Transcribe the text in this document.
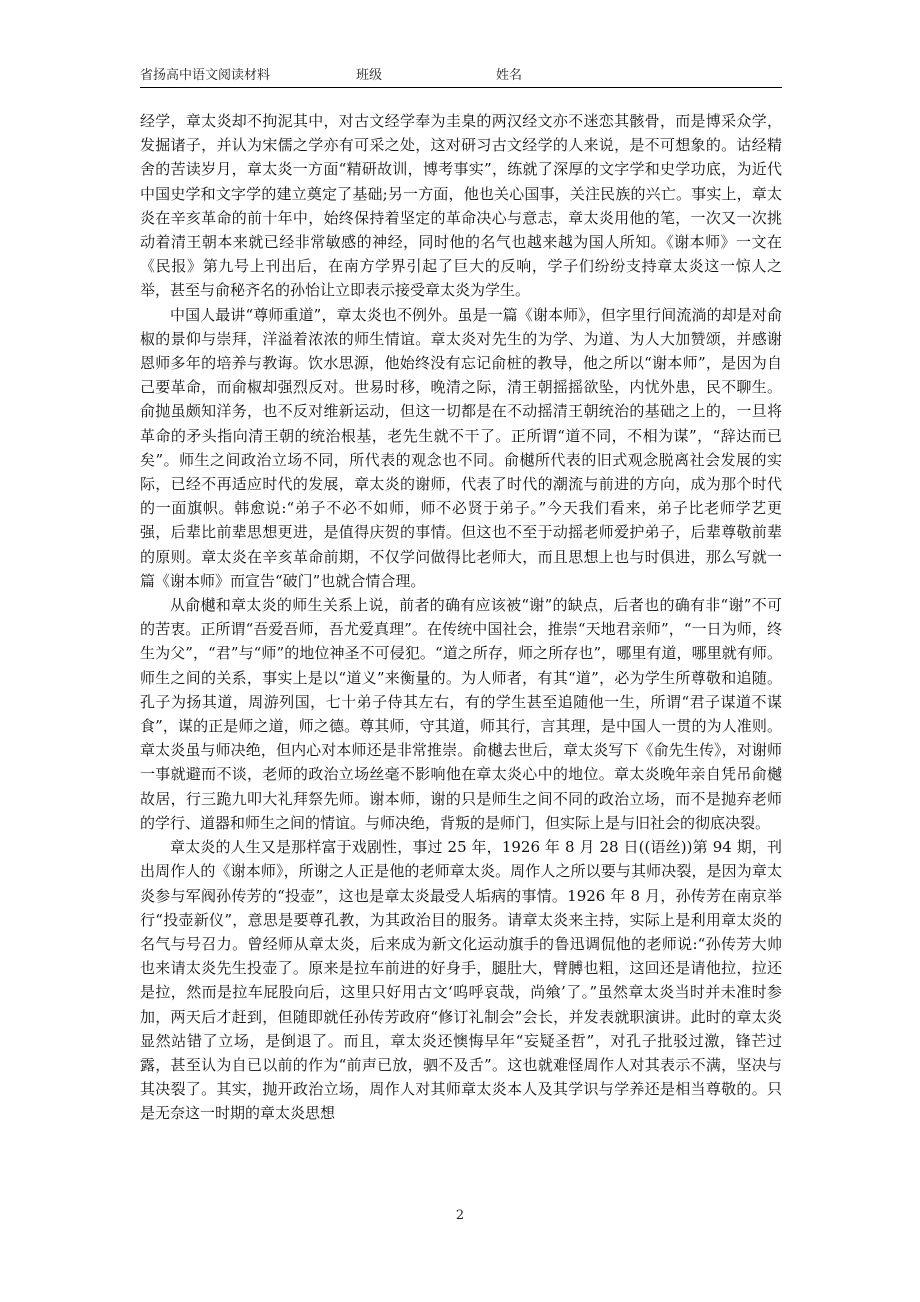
省扬高中语文阅读材料	班级	姓名

经学，章太炎却不拘泥其中，对古文经学奉为圭臬的两汉经文亦不迷恋其骸骨，而是博采众学，发掘诸子，并认为宋儒之学亦有可采之处，这对研习古文经学的人来说，是不可想象的。诂经精舍的苦读岁月，章太炎一方面“精研故训，博考事实”，练就了深厚的文字学和史学功底，为近代中国史学和文字学的建立奠定了基础;另一方面，他也关心国事，关注民族的兴亡。事实上，章太炎在辛亥革命的前十年中，始终保持着坚定的革命决心与意志，章太炎用他的笔，一次又一次挑动着清王朝本来就已经非常敏感的神经，同时他的名气也越来越为国人所知。《谢本师》一文在《民报》第九号上刊出后，在南方学界引起了巨大的反响，学子们纷纷支持章太炎这一惊人之举，甚至与俞秘齐名的孙怡让立即表示接受章太炎为学生。

中国人最讲“尊师重道”，章太炎也不例外。虽是一篇《谢本师》，但字里行间流淌的却是对俞椒的景仰与崇拜，洋溢着浓浓的师生情谊。章太炎对先生的为学、为道、为人大加赞颂，并感谢恩师多年的培养与教诲。饮水思源，他始终没有忘记俞桩的教导，他之所以“谢本师”，是因为自己要革命，而俞椒却强烈反对。世易时移，晚清之际，清王朝摇摇欲坠，内忧外患，民不聊生。俞抛虽颇知洋务，也不反对维新运动，但这一切都是在不动摇清王朝统治的基础之上的，一旦将革命的矛头指向清王朝的统治根基，老先生就不干了。正所谓“道不同，不相为谋”，“辞达而已矣”。师生之间政治立场不同，所代表的观念也不同。俞樾所代表的旧式观念脱离社会发展的实际，已经不再适应时代的发展，章太炎的谢师，代表了时代的潮流与前进的方向，成为那个时代的一面旗帜。韩愈说:“弟子不必不如师，师不必贤于弟子。”今天我们看来，弟子比老师学艺更强，后辈比前辈思想更进，是值得庆贺的事情。但这也不至于动摇老师爱护弟子，后辈尊敬前辈的原则。章太炎在辛亥革命前期，不仅学问做得比老师大，而且思想上也与时俱进，那么写就一篇《谢本师》而宣告“破门”也就合情合理。

从俞樾和章太炎的师生关系上说，前者的确有应该被“谢”的缺点，后者也的确有非“谢”不可的苦衷。正所谓“吾爱吾师，吾尤爱真理”。在传统中国社会，推崇“天地君亲师”，“一日为师，终生为父”，“君”与“师”的地位神圣不可侵犯。“道之所存，师之所存也”，哪里有道，哪里就有师。师生之间的关系，事实上是以“道义”来衡量的。为人师者，有其“道”，必为学生所尊敬和追随。孔子为扬其道，周游列国，七十弟子侍其左右，有的学生甚至追随他一生，所谓“君子谋道不谋食”，谋的正是师之道，师之德。尊其师，守其道，师其行，言其理，是中国人一贯的为人准则。章太炎虽与师决绝，但内心对本师还是非常推崇。俞樾去世后，章太炎写下《俞先生传》，对谢师一事就避而不谈，老师的政治立场丝毫不影响他在章太炎心中的地位。章太炎晚年亲自凭吊俞樾故居，行三跪九叩大礼拜祭先师。谢本师，谢的只是师生之间不同的政治立场，而不是抛弃老师的学行、道器和师生之间的情谊。与师决绝，背叛的是师门，但实际上是与旧社会的彻底决裂。

章太炎的人生又是那样富于戏剧性，事过 25 年，1926 年 8 月 28 日((语丝))第 94 期，刊出周作人的《谢本师》，所谢之人正是他的老师章太炎。周作人之所以要与其师决裂，是因为章太炎参与军阀孙传芳的“投壶”，这也是章太炎最受人垢病的事情。1926 年 8 月，孙传芳在南京举行“投壶新仪”，意思是要尊孔教，为其政治目的服务。请章太炎来主持，实际上是利用章太炎的名气与号召力。曾经师从章太炎，后来成为新文化运动旗手的鲁迅调侃他的老师说:“孙传芳大帅也来请太炎先生投壶了。原来是拉车前进的好身手，腿肚大，臂膊也粗，这回还是请他拉，拉还是拉，然而是拉车屁股向后，这里只好用古文‘呜呼哀哉，尚飨’了。”虽然章太炎当时并未准时参加，两天后才赶到，但随即就任孙传芳政府“修订礼制会”会长，并发表就职演讲。此时的章太炎显然站错了立场，是倒退了。而且，章太炎还懊悔早年“妄疑圣哲”，对孔子批驳过激，锋芒过露，甚至认为自已以前的作为“前声已放，驷不及舌”。这也就难怪周作人对其表示不满，坚决与其决裂了。其实，抛开政治立场，周作人对其师章太炎本人及其学识与学养还是相当尊敬的。只是无奈这一时期的章太炎思想

2
